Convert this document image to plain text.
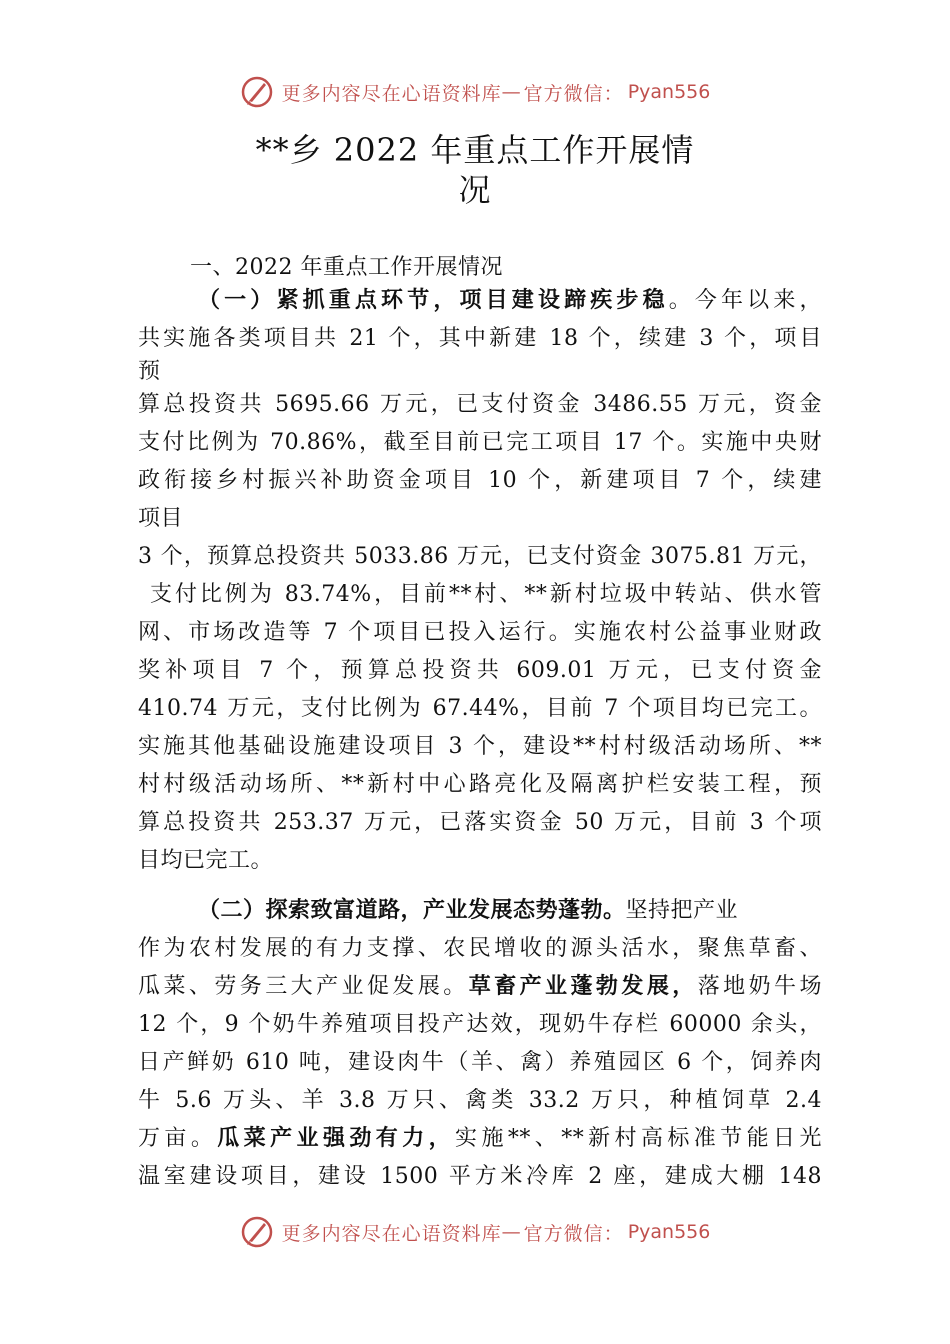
更多内容尽在心语资料库 — 官方微信： Pyan556
**乡 2022 年重点工作开展情
况
一、2022 年重点工作开展情况
（一）紧抓重点环节，项目建设蹄疾步稳。今年以来，
共实施各类项目共 21 个，其中新建 18 个，续建 3 个，项目
预
算总投资共 5695.66 万元，已支付资金 3486.55 万元，资金
支付比例为 70.86%，截至目前已完工项目 17 个。实施中央财
政衔接乡村振兴补助资金项目 10 个，新建项目 7 个，续建
项目
3 个，预算总投资共 5033.86 万元，已支付资金 3075.81 万元，
支付比例为 83.74%，目前**村、**新村垃圾中转站、供水管
网、市场改造等 7 个项目已投入运行。实施农村公益事业财政
奖补项目 7 个，预算总投资共 609.01 万元，已支付资金
410.74 万元，支付比例为 67.44%，目前 7 个项目均已完工。
实施其他基础设施建设项目 3 个，建设**村村级活动场所、**
村村级活动场所、**新村中心路亮化及隔离护栏安装工程，预
算总投资共 253.37 万元，已落实资金 50 万元，目前 3 个项
目均已完工。
（二）探索致富道路，产业发展态势蓬勃。坚持把产业
作为农村发展的有力支撑、农民增收的源头活水，聚焦草畜、
瓜菜、劳务三大产业促发展。草畜产业蓬勃发展，落地奶牛场
12 个，9 个奶牛养殖项目投产达效，现奶牛存栏 60000 余头，
日产鲜奶 610 吨，建设肉牛（羊、禽）养殖园区 6 个，饲养肉
牛 5.6 万头、羊 3.8 万只、禽类 33.2 万只，种植饲草 2.4
万亩。瓜菜产业强劲有力，实施**、**新村高标准节能日光
温室建设项目，建设 1500 平方米冷库 2 座，建成大棚 148
更多内容尽在心语资料库 — 官方微信： Pyan556
